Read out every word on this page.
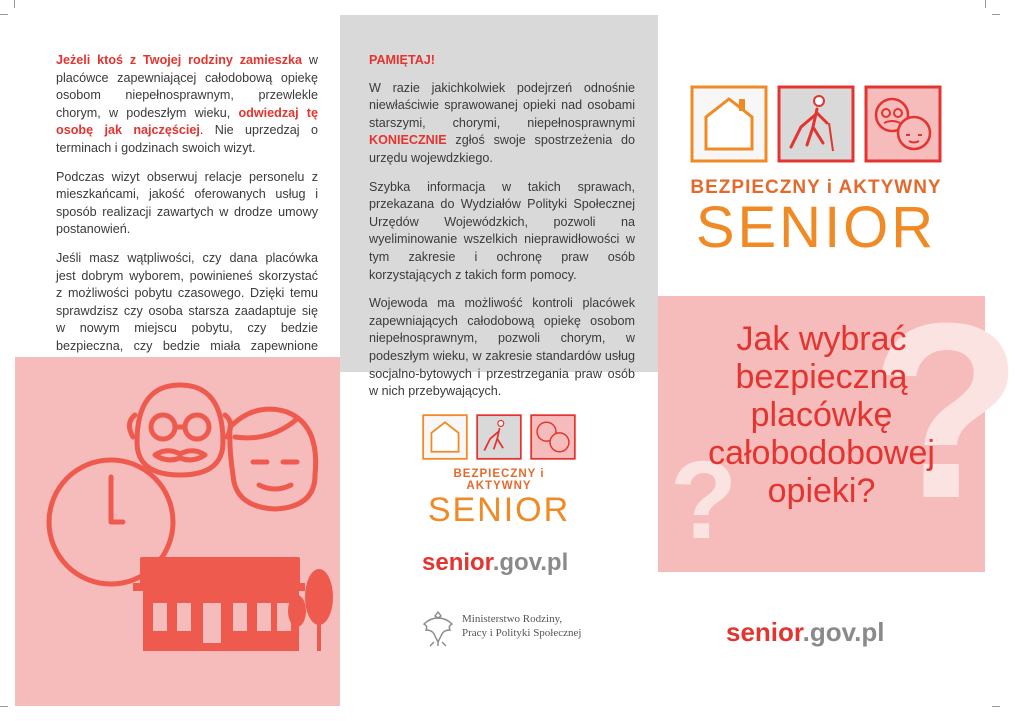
Jeżeli ktoś z Twojej rodziny zamieszka w placówce zapewniającej całodobową opiekę osobom niepełnosprawnym, przewlekle chorym, w podeszłym wieku, odwiedzaj tę osobę jak najczęściej. Nie uprzedzaj o terminach i godzinach swoich wizyt.

Podczas wizyt obserwuj relacje personelu z mieszkańcami, jakość oferowanych usług i sposób realizacji zawartych w drodze umowy postanowień.

Jeśli masz wątpliwości, czy dana placówka jest dobrym wyborem, powinieneś skorzystać z możliwości pobytu czasowego. Dzięki temu sprawdzisz czy osoba starsza zaadaptuje się w nowym miejscu pobytu, czy bedzie bezpieczna, czy bedzie miała zapewnione

PAMIĘTAJ!

W razie jakichkolwiek podejrzeń odnośnie niewłaściwie sprawowanej opieki nad osobami starszymi, chorymi, niepełnosprawnymi KONIECZNIE zgłoś swoje spostrzeżenia do urzędu wojewdzkiego.

Szybka informacja w takich sprawach, przekazana do Wydziałów Polityki Społecznej Urzędów Wojewódzkich, pozwoli na wyeliminowanie wszelkich nieprawidłowości w tym zakresie i ochronę praw osób korzystających z takich form pomocy.

Wojewoda ma możliwość kontroli placówek zapewniających całodobową opiekę osobom niepełnosprawnym, pozwoli chorym, w podeszłym wieku, w zakresie standardów usług socjalno-bytowych i przestrzegania praw osób w nich przebywających.

BEZPIECZNY i AKTYWNY
SENIOR
?
?
Jak wybrać
bezpieczną
placówkę
całobodobowej
opieki?
senior.gov.pl
BEZPIECZNY i AKTYWNY
SENIOR
senior.gov.pl
Ministerstwo Rodziny,
Pracy i Polityki Społecznej
